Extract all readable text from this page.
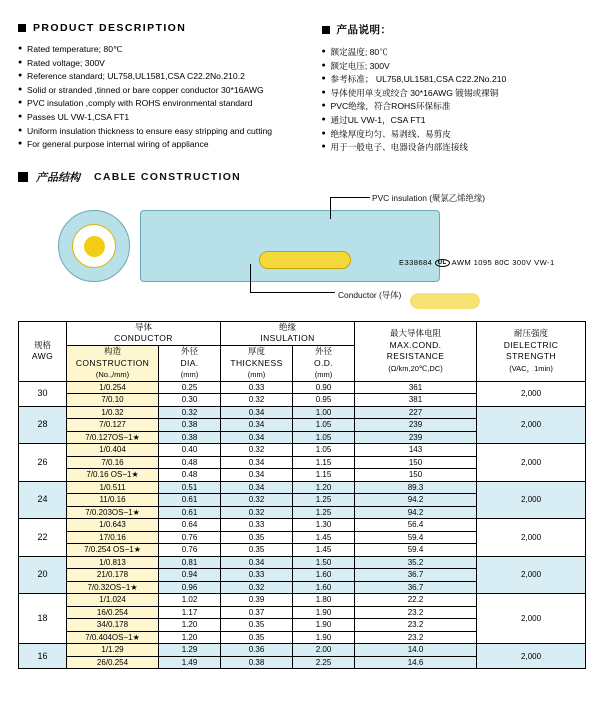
PRODUCT DESCRIPTION
● Rated temperature; 80℃
● Rated voltage; 300V
● Reference standard; UL758,UL1581,CSA C22.2No.210.2
● Solid or stranded ,tinned or bare copper conductor 30*16AWG
● PVC insulation ,comply with ROHS environmental standard
● Passes UL VW-1,CSA FT1
● Uniform insulation thickness to ensure easy stripping and cutting
● For general purpose internal wiring of appliance
产品说明：
● 额定温度; 80℃
● 额定电压; 300V
● 参考标准； UL758,UL1581,CSA C22.2No.210
● 导体使用单支或绞合 30*16AWG 镀锡或裸铜
● PVC绝缘，符合ROHS环保标准
● 通过UL VW-1，CSA FT1
● 绝缘厚度均匀、易剥线、易剪皮
● 用于一般电子、电器设备内部连接线
产品结构 CABLE CONSTRUCTION
E338684 UL AWM 1095 80C 300V VW-1
PVC insulation (聚氯乙烯绝缘)
Conductor (导体)
规格
AWG

导体
CONDUCTOR

绝缘
INSULATION	最大导体电阻
MAX.COND.
RESISTANCE
(Ω/km,20℃,DC)

耐压强度
DIELECTRIC
STRENGTH
(VAC，1min)

构造
CONSTRUCTION
(No.,/mm)

外径
DIA.
(mm)

厚度
THICKNESS
(mm)

外径
O.D.
(mm)

30	1/0.254	0.25	0.33	0.90	361	2,000
	7/0.10	0.30	0.32	0.95	381	
28	1/0.32	0.32	0.34	1.00	227	2,000
	7/0.127	0.38	0.34	1.05	239	
	7/0.127OS−1★	0.38	0.34	1.05	239	
26	1/0.404	0.40	0.32	1.05	143	2,000
	7/0.16	0.48	0.34	1.15	150	
	7/0.16 OS−1★	0.48	0.34	1.15	150	
24	1/0.511	0.51	0.34	1.20	89.3	2,000
	11/0.16	0.61	0.32	1.25	94.2	
	7/0.203OS−1★	0.61	0.32	1.25	94.2	
22	1/0.643	0.64	0.33	1.30	56.4	2,000
	17/0.16	0.76	0.35	1.45	59.4	
	7/0.254 OS−1★	0.76	0.35	1.45	59.4	
20	1/0.813	0.81	0.34	1.50	35.2	2,000
	21/0.178	0.94	0.33	1.60	36.7	
	7/0.32OS−1★	0.96	0.32	1.60	36.7	
18	1/1.024	1.02	0.39	1.80	22.2	2,000
	16/0.254	1.17	0.37	1.90	23.2	
	34/0.178	1.20	0.35	1.90	23.2	
	7/0.404OS−1★	1.20	0.35	1.90	23.2	
16	1/1.29	1.29	0.36	2.00	14.0	2,000
	26/0.254	1.49	0.38	2.25	14.6	
